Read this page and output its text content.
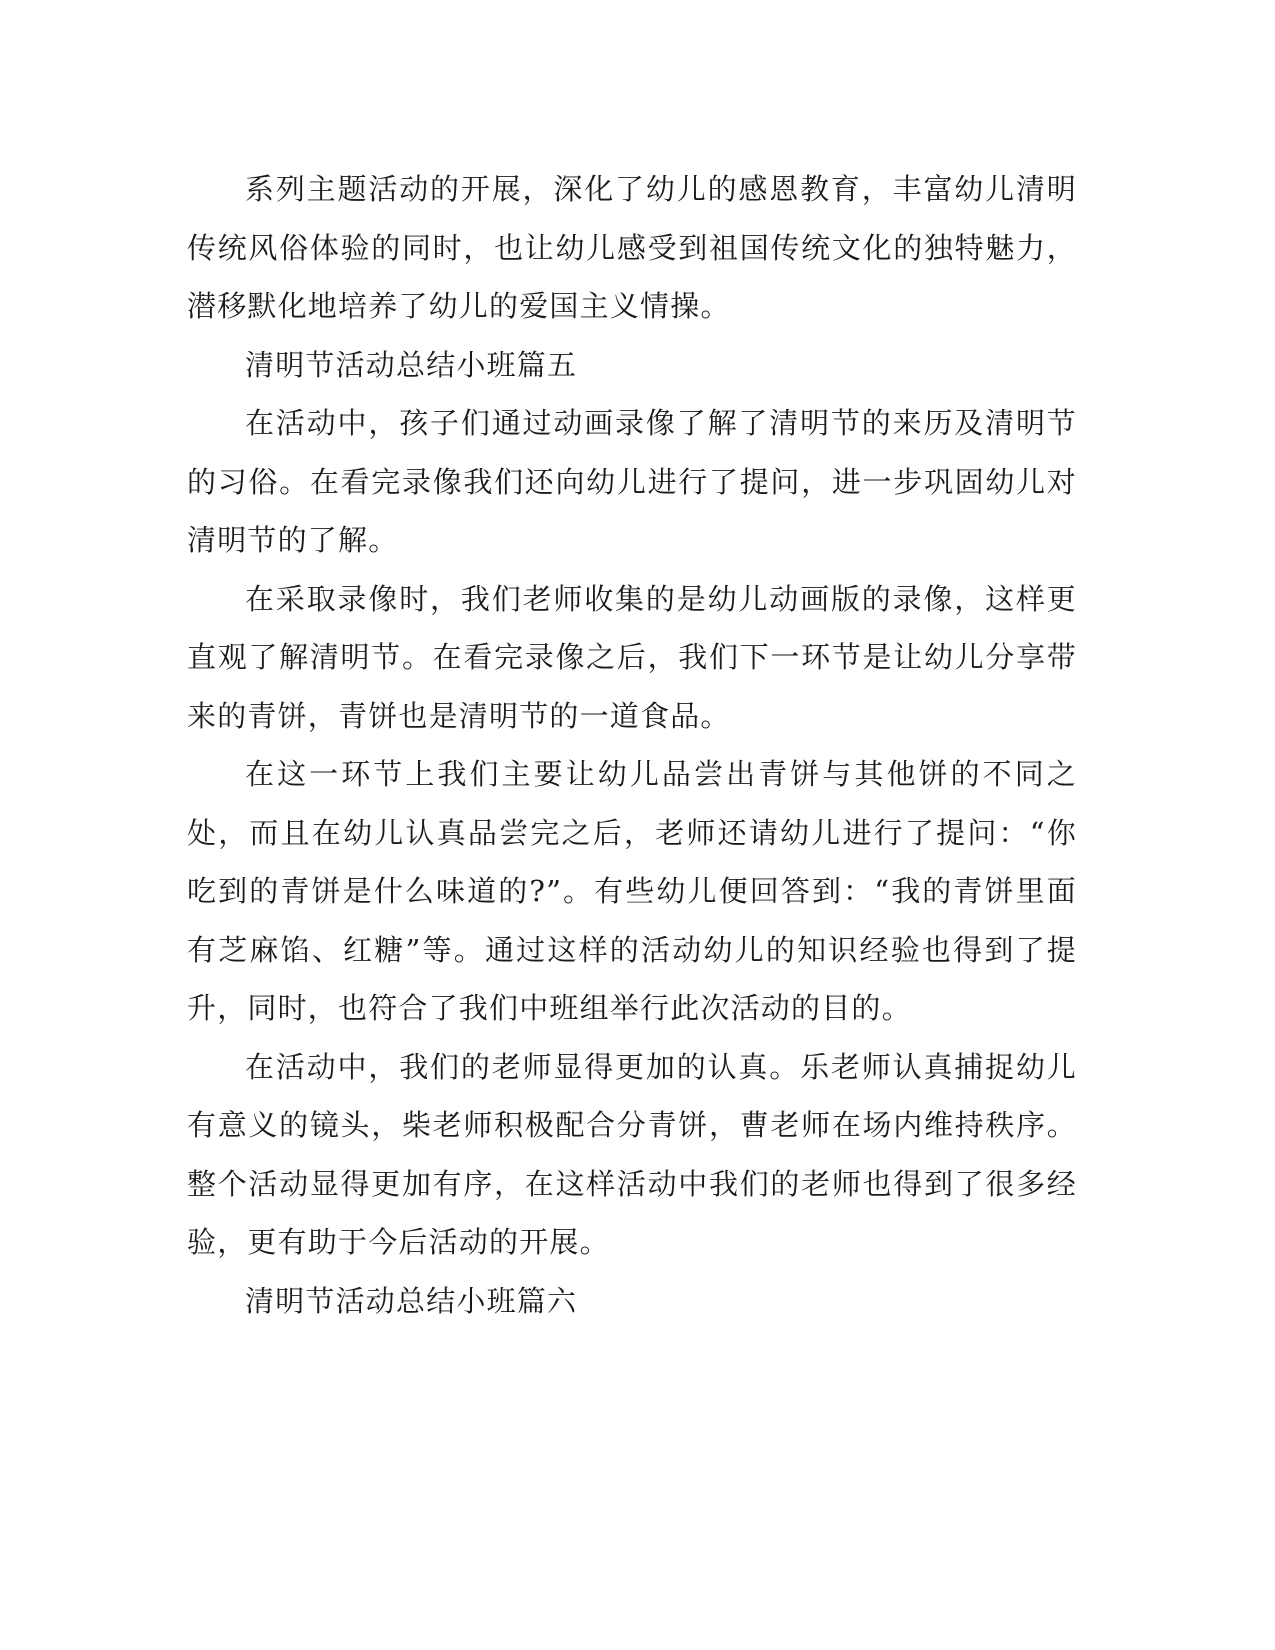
系列主题活动的开展，深化了幼儿的感恩教育，丰富幼儿清明传统风俗体验的同时，也让幼儿感受到祖国传统文化的独特魅力，潜移默化地培养了幼儿的爱国主义情操。

清明节活动总结小班篇五

在活动中，孩子们通过动画录像了解了清明节的来历及清明节的习俗。在看完录像我们还向幼儿进行了提问，进一步巩固幼儿对清明节的了解。

在采取录像时，我们老师收集的是幼儿动画版的录像，这样更直观了解清明节。在看完录像之后，我们下一环节是让幼儿分享带来的青饼，青饼也是清明节的一道食品。

在这一环节上我们主要让幼儿品尝出青饼与其他饼的不同之处，而且在幼儿认真品尝完之后，老师还请幼儿进行了提问：“你吃到的青饼是什么味道的?”。有些幼儿便回答到：“我的青饼里面有芝麻馅、红糖”等。通过这样的活动幼儿的知识经验也得到了提升，同时，也符合了我们中班组举行此次活动的目的。

在活动中，我们的老师显得更加的认真。乐老师认真捕捉幼儿有意义的镜头，柴老师积极配合分青饼，曹老师在场内维持秩序。整个活动显得更加有序，在这样活动中我们的老师也得到了很多经验，更有助于今后活动的开展。

清明节活动总结小班篇六
